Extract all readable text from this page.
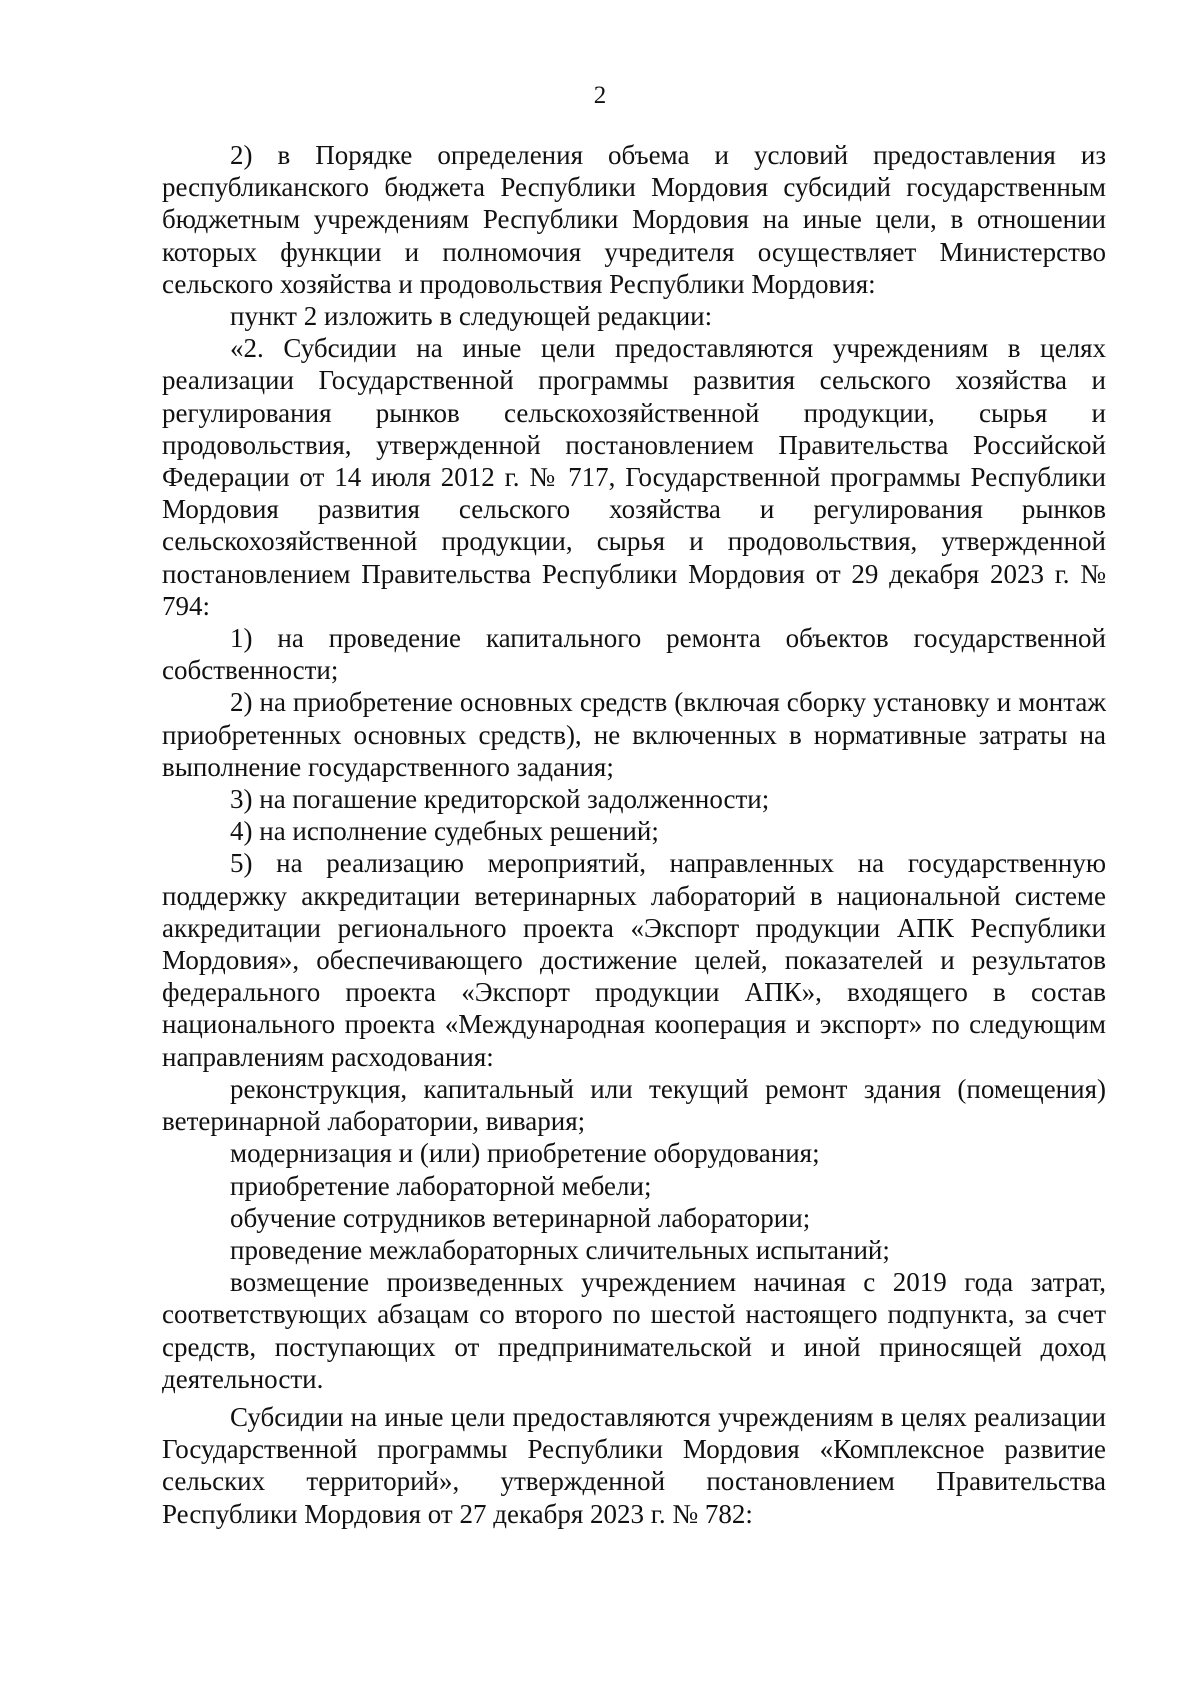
2

2) в Порядке определения объема и условий предоставления из республиканского бюджета Республики Мордовия субсидий государственным бюджетным учреждениям Республики Мордовия на иные цели, в отношении которых функции и полномочия учредителя осуществляет Министерство сельского хозяйства и продовольствия Республики Мордовия:

пункт 2 изложить в следующей редакции:

«2. Субсидии на иные цели предоставляются учреждениям в целях реализации Государственной программы развития сельского хозяйства и регулирования рынков сельскохозяйственной продукции, сырья и продовольствия, утвержденной постановлением Правительства Российской Федерации от 14 июля 2012 г. № 717, Государственной программы Республики Мордовия развития сельского хозяйства и регулирования рынков сельскохозяйственной продукции, сырья и продовольствия, утвержденной постановлением Правительства Республики Мордовия от 29 декабря 2023 г. № 794:

1) на проведение капитального ремонта объектов государственной собственности;

2) на приобретение основных средств (включая сборку установку и монтаж приобретенных основных средств), не включенных в нормативные затраты на выполнение государственного задания;

3) на погашение кредиторской задолженности;

4) на исполнение судебных решений;

5) на реализацию мероприятий, направленных на государственную поддержку аккредитации ветеринарных лабораторий в национальной системе аккредитации регионального проекта «Экспорт продукции АПК Республики Мордовия», обеспечивающего достижение целей, показателей и результатов федерального проекта «Экспорт продукции АПК», входящего в состав национального проекта «Международная кооперация и экспорт» по следующим направлениям расходования:

реконструкция, капитальный или текущий ремонт здания (помещения) ветеринарной лаборатории, вивария;

модернизация и (или) приобретение оборудования;

приобретение лабораторной мебели;

обучение сотрудников ветеринарной лаборатории;

проведение межлабораторных сличительных испытаний;

возмещение произведенных учреждением начиная с 2019 года затрат, соответствующих абзацам со второго по шестой настоящего подпункта, за счет средств, поступающих от предпринимательской и иной приносящей доход деятельности.

Субсидии на иные цели предоставляются учреждениям в целях реализации Государственной программы Республики Мордовия «Комплексное развитие сельских территорий», утвержденной постановлением Правительства Республики Мордовия от 27 декабря 2023 г. № 782:
